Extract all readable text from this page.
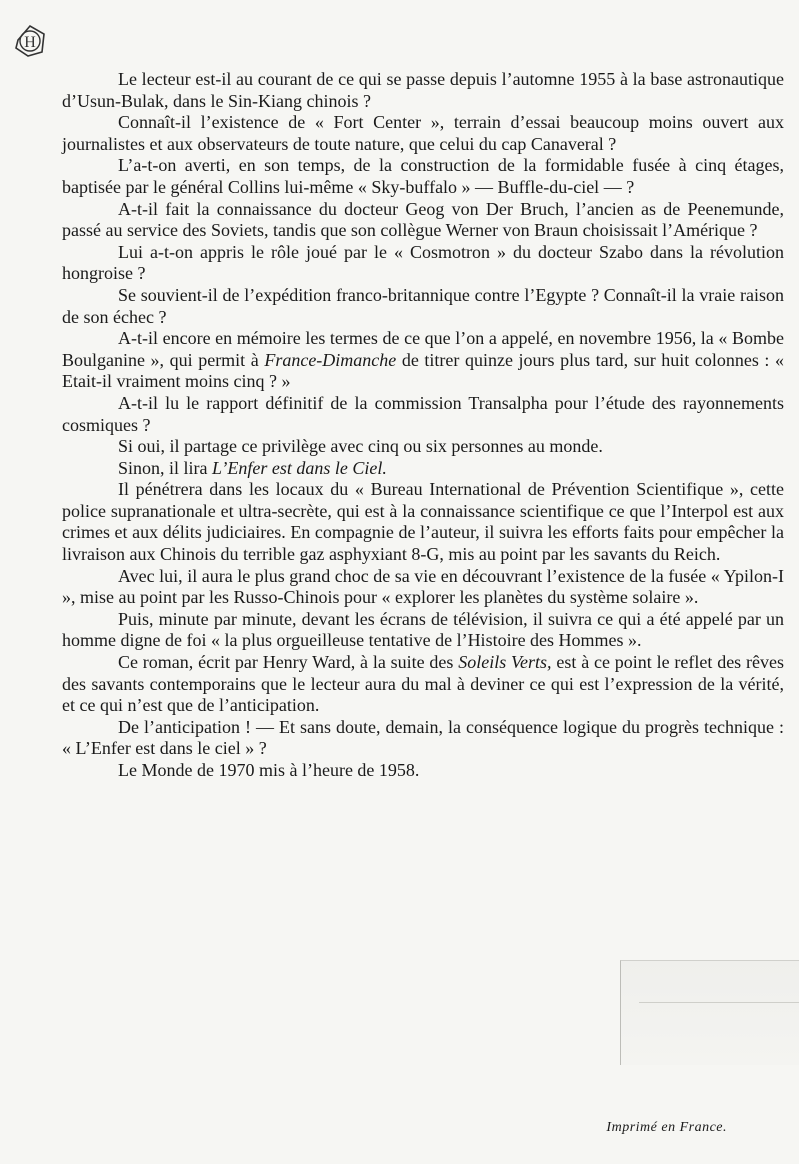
H

Le lecteur est-il au courant de ce qui se passe depuis l’automne 1955 à la base astronautique d’Usun-Bulak, dans le Sin-Kiang chinois ?

Connaît-il l’existence de « Fort Center », terrain d’essai beaucoup moins ouvert aux journalistes et aux observateurs de toute nature, que celui du cap Canaveral ?

L’a-t-on averti, en son temps, de la construction de la formidable fusée à cinq étages, baptisée par le général Collins lui-même « Sky-buffalo » — Buffle-du-ciel — ?

A-t-il fait la connaissance du docteur Geog von Der Bruch, l’ancien as de Peenemunde, passé au service des Soviets, tandis que son collègue Werner von Braun choisissait l’Amérique ?

Lui a-t-on appris le rôle joué par le « Cosmotron » du docteur Szabo dans la révolution hongroise ?

Se souvient-il de l’expédition franco-britannique contre l’Egypte ? Connaît-il la vraie raison de son échec ?

A-t-il encore en mémoire les termes de ce que l’on a appelé, en novembre 1956, la « Bombe Boulganine », qui permit à France-Dimanche de titrer quinze jours plus tard, sur huit colonnes : « Etait-il vraiment moins cinq ? »

A-t-il lu le rapport définitif de la commission Transalpha pour l’étude des rayonnements cosmiques ?

Si oui, il partage ce privilège avec cinq ou six personnes au monde.

Sinon, il lira L’Enfer est dans le Ciel.

Il pénétrera dans les locaux du « Bureau International de Prévention Scientifique », cette police supranationale et ultra-secrète, qui est à la connaissance scientifique ce que l’Interpol est aux crimes et aux délits judiciaires. En compagnie de l’auteur, il suivra les efforts faits pour empêcher la livraison aux Chinois du terrible gaz asphyxiant 8-G, mis au point par les savants du Reich.

Avec lui, il aura le plus grand choc de sa vie en découvrant l’existence de la fusée « Ypilon-I », mise au point par les Russo-Chinois pour « explorer les planètes du système solaire ».

Puis, minute par minute, devant les écrans de télévision, il suivra ce qui a été appelé par un homme digne de foi « la plus orgueilleuse tentative de l’Histoire des Hommes ».

Ce roman, écrit par Henry Ward, à la suite des Soleils Verts, est à ce point le reflet des rêves des savants contemporains que le lecteur aura du mal à deviner ce qui est l’expression de la vérité, et ce qui n’est que de l’anticipation.

De l’anticipation ! — Et sans doute, demain, la conséquence logique du progrès technique : « L’Enfer est dans le ciel » ?

Le Monde de 1970 mis à l’heure de 1958.

Imprimé en France.
